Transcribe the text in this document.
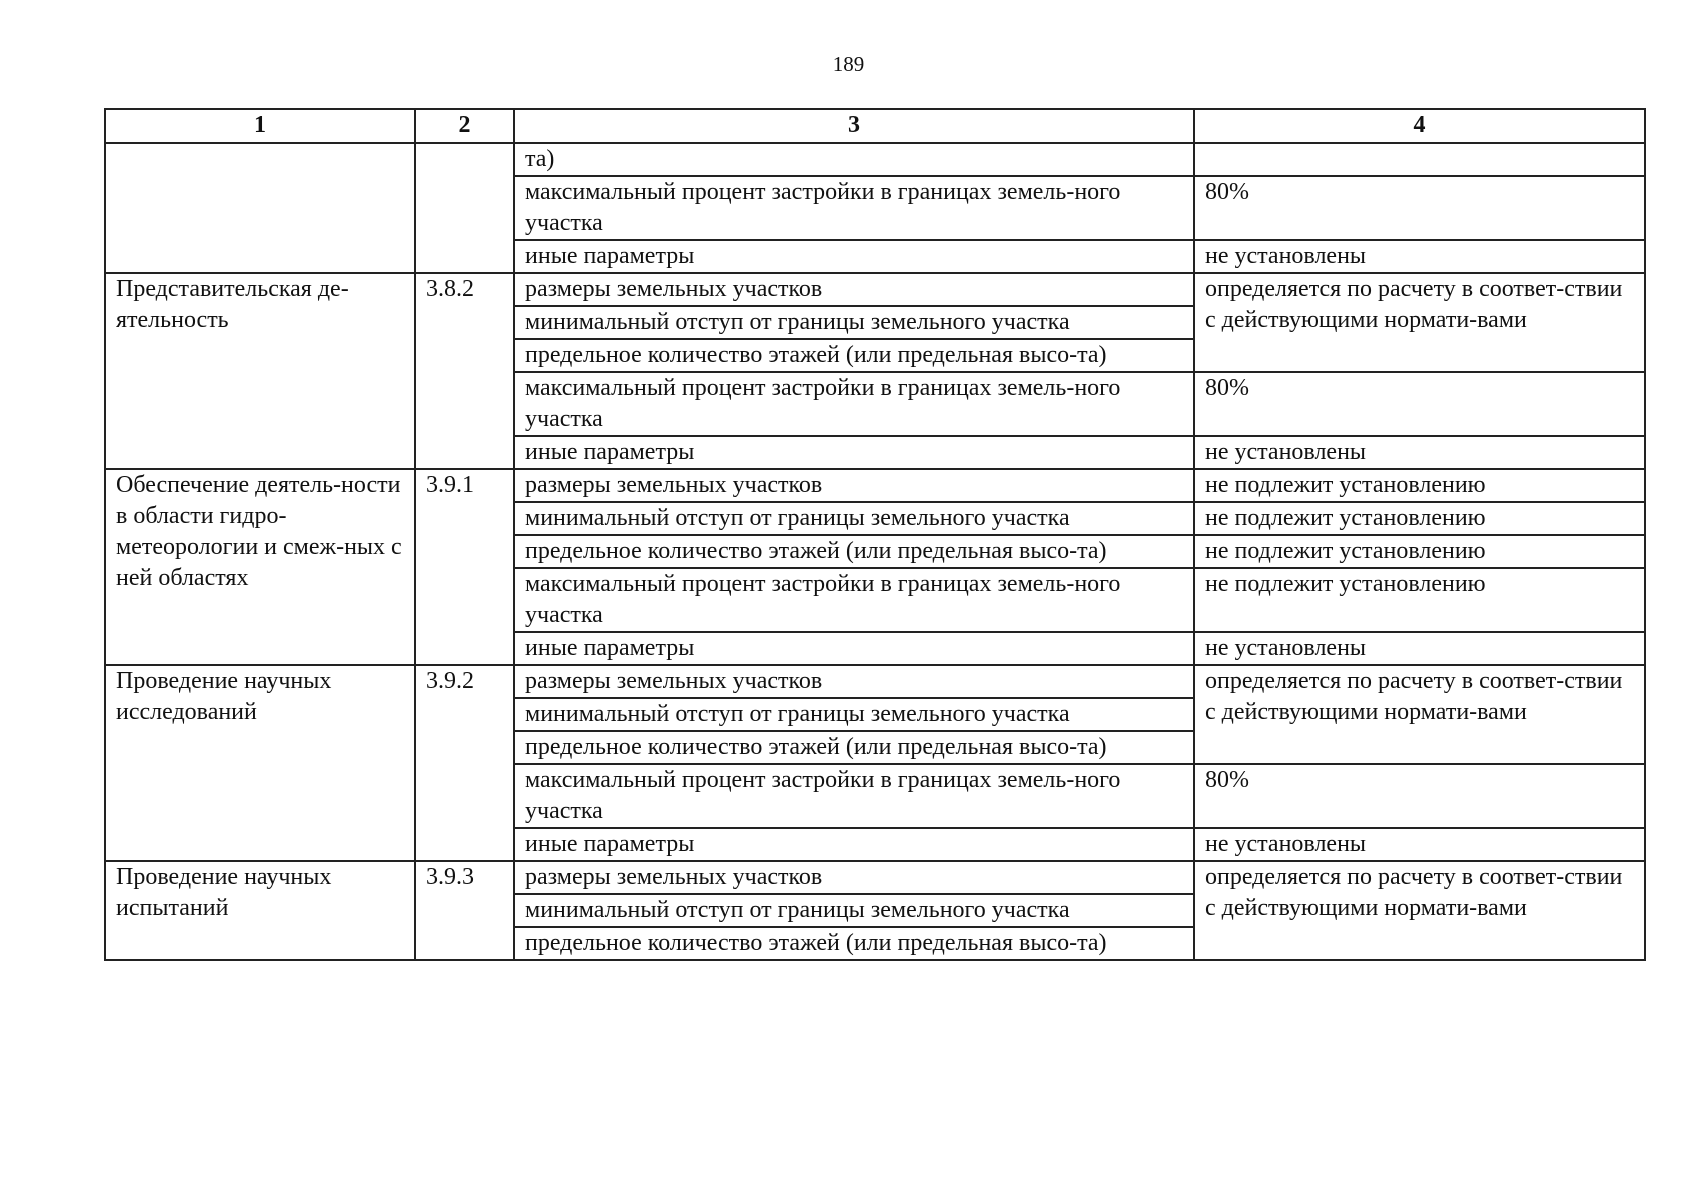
189
1	2	3	4
		та)	
		максимальный процент застройки в границах земель-ного участка	80%
		иные параметры	не установлены
Представительская де-ятельность	3.8.2	размеры земельных участков	определяется по расчету в соответ-ствии с действующими нормати-вами
		минимальный отступ от границы земельного участка	
		предельное количество этажей (или предельная высо-та)	
		максимальный процент застройки в границах земель-ного участка	80%
		иные параметры	не установлены
Обеспечение деятель-ности в области гидро-метеорологии и смеж-ных с ней областях	3.9.1	размеры земельных участков	не подлежит установлению
		минимальный отступ от границы земельного участка	не подлежит установлению
		предельное количество этажей (или предельная высо-та)	не подлежит установлению
		максимальный процент застройки в границах земель-ного участка	не подлежит установлению
		иные параметры	не установлены
Проведение научных исследований	3.9.2	размеры земельных участков	определяется по расчету в соответ-ствии с действующими нормати-вами
		минимальный отступ от границы земельного участка	
		предельное количество этажей (или предельная высо-та)	
		максимальный процент застройки в границах земель-ного участка	80%
		иные параметры	не установлены
Проведение научных испытаний	3.9.3	размеры земельных участков	определяется по расчету в соответ-ствии с действующими нормати-вами
		минимальный отступ от границы земельного участка	
		предельное количество этажей (или предельная высо-та)	
